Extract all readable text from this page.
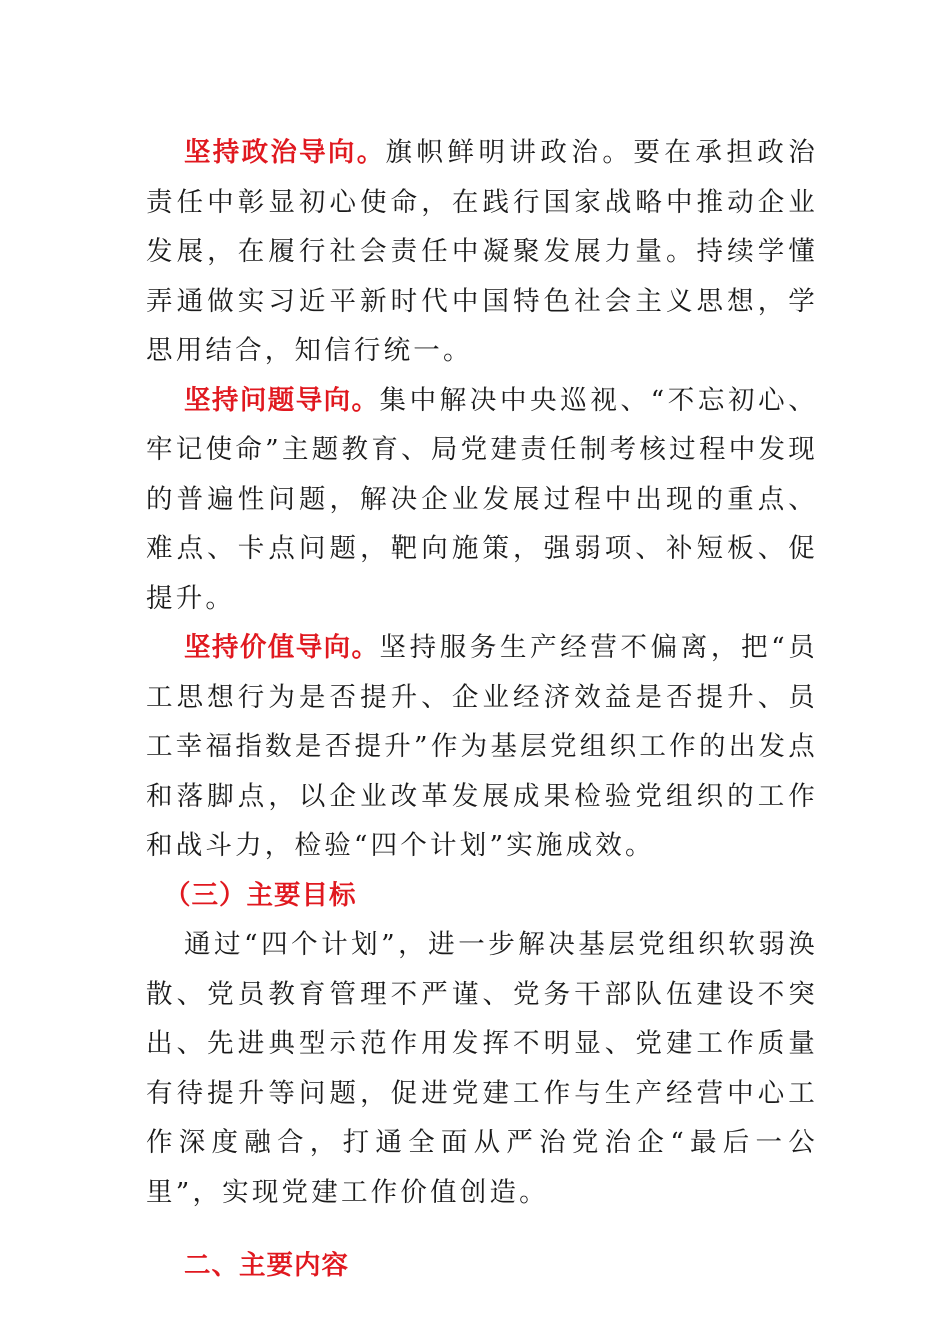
坚持政治导向。旗帜鲜明讲政治。要在承担政治责任中彰显初心使命，在践行国家战略中推动企业发展，在履行社会责任中凝聚发展力量。持续学懂弄通做实习近平新时代中国特色社会主义思想，学思用结合，知信行统一。

坚持问题导向。集中解决中央巡视、“不忘初心、牢记使命”主题教育、局党建责任制考核过程中发现的普遍性问题，解决企业发展过程中出现的重点、难点、卡点问题，靶向施策，强弱项、补短板、促提升。

坚持价值导向。坚持服务生产经营不偏离，把“员工思想行为是否提升、企业经济效益是否提升、员工幸福指数是否提升”作为基层党组织工作的出发点和落脚点，以企业改革发展成果检验党组织的工作和战斗力，检验“四个计划”实施成效。

（三）主要目标

通过“四个计划”，进一步解决基层党组织软弱涣散、党员教育管理不严谨、党务干部队伍建设不突出、先进典型示范作用发挥不明显、党建工作质量有待提升等问题，促进党建工作与生产经营中心工作深度融合，打通全面从严治党治企“最后一公里”，实现党建工作价值创造。

二、主要内容
